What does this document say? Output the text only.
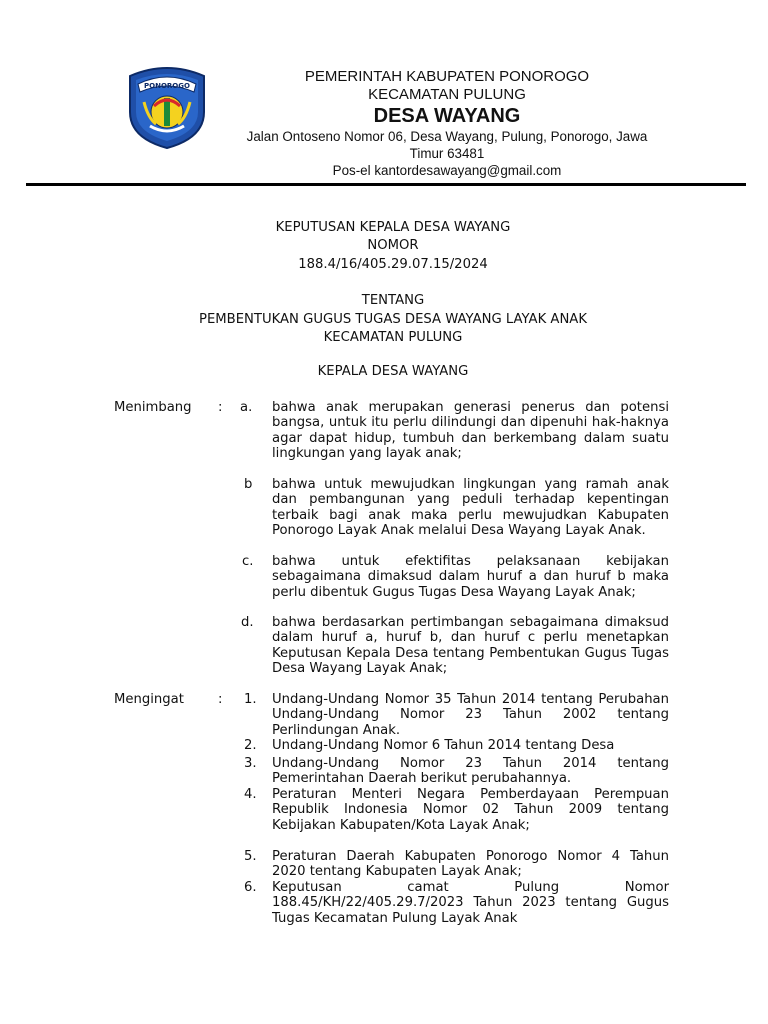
PONOROGO
PEMERINTAH KABUPATEN PONOROGO
KECAMATAN PULUNG
DESA WAYANG
Jalan Ontoseno Nomor 06, Desa Wayang, Pulung, Ponorogo, Jawa
Timur 63481
Pos-el kantordesawayang@gmail.com
KEPUTUSAN KEPALA DESA WAYANG
NOMOR
188.4/16/405.29.07.15/2024
TENTANG
PEMBENTUKAN GUGUS TUGAS DESA WAYANG LAYAK ANAK
KECAMATAN PULUNG
KEPALA DESA WAYANG
Menimbang : a. bahwa anak merupakan generasi penerus dan potensi bangsa, untuk itu perlu dilindungi dan dipenuhi hak-haknya agar dapat hidup, tumbuh dan berkembang dalam suatu lingkungan yang layak anak;
b bahwa untuk mewujudkan lingkungan yang ramah anak dan pembangunan yang peduli terhadap kepentingan terbaik bagi anak maka perlu mewujudkan Kabupaten Ponorogo Layak Anak melalui Desa Wayang Layak Anak.
c. bahwa untuk efektifitas pelaksanaan kebijakan sebagaimana dimaksud dalam huruf a dan huruf b maka perlu dibentuk Gugus Tugas Desa Wayang Layak Anak;
d. bahwa berdasarkan pertimbangan sebagaimana dimaksud dalam huruf a, huruf b, dan huruf c perlu menetapkan Keputusan Kepala Desa tentang Pembentukan Gugus Tugas Desa Wayang Layak Anak;
Mengingat	: 1. Undang-Undang Nomor 35 Tahun 2014 tentang Perubahan Undang-Undang Nomor 23 Tahun 2002 tentang Perlindungan Anak.
2. Undang-Undang Nomor 6 Tahun 2014 tentang Desa
3. Undang-Undang Nomor 23 Tahun 2014 tentang Pemerintahan Daerah berikut perubahannya.
4. Peraturan Menteri Negara Pemberdayaan Perempuan Republik Indonesia Nomor 02 Tahun 2009 tentang Kebijakan Kabupaten/Kota Layak Anak;
5. Peraturan Daerah Kabupaten Ponorogo Nomor 4 Tahun 2020 tentang Kabupaten Layak Anak;
6. Keputusan camat Pulung Nomor 188.45/KH/22/405.29.7/2023 Tahun 2023 tentang Gugus Tugas Kecamatan Pulung Layak Anak
